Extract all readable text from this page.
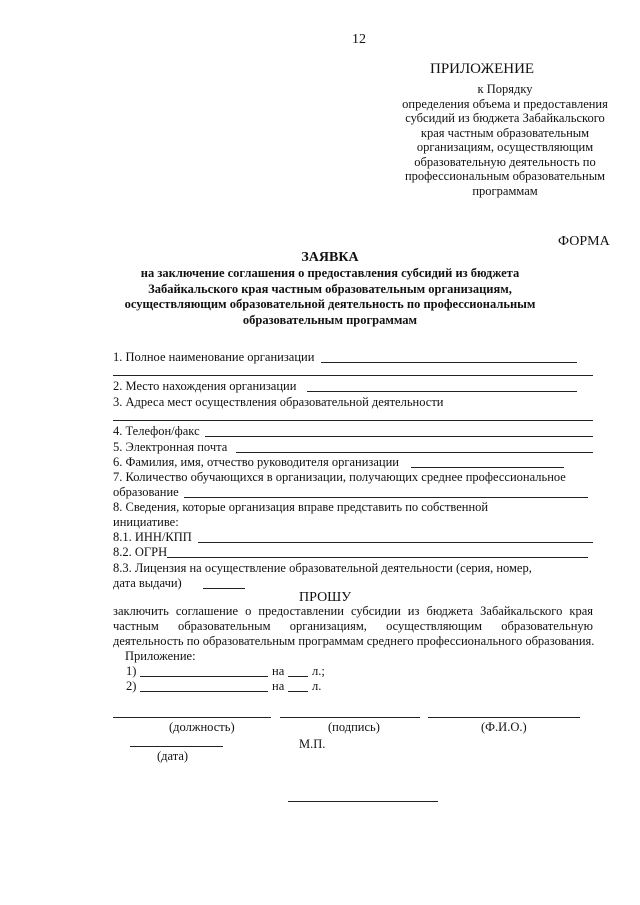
12
ПРИЛОЖЕНИЕ
к Порядку
определения объема и предоставления
субсидий из бюджета Забайкальского
края частным образовательным
организациям, осуществляющим
образовательную деятельность по
профессиональным образовательным
программам
ФОРМА
ЗАЯВКА
на заключение соглашения о предоставления субсидий из бюджета
Забайкальского края частным образовательным организациям,
осуществляющим образовательной деятельность по профессиональным
образовательным программам
1. Полное наименование организации
2. Место нахождения организации
3. Адреса мест осуществления образовательной деятельности
4. Телефон/факс
5. Электронная почта
6. Фамилия, имя, отчество руководителя организации
7. Количество обучающихся в организации, получающих среднее профессиональное
образование
8. Сведения, которые организация вправе представить по собственной
инициативе:
8.1. ИНН/КПП
8.2. ОГРН
8.3. Лицензия на осуществление образовательной деятельности (серия, номер,
дата выдачи)
ПРОШУ
заключить соглашение о предоставлении субсидии из бюджета Забайкальского края
частным образовательным организациям, осуществляющим образовательную
деятельность по образовательным программам среднего профессионального образования.
Приложение:
1)	на л.;
2)	на л.
(должность)	(подпись)	(Ф.И.О.)
М.П.
(дата)
